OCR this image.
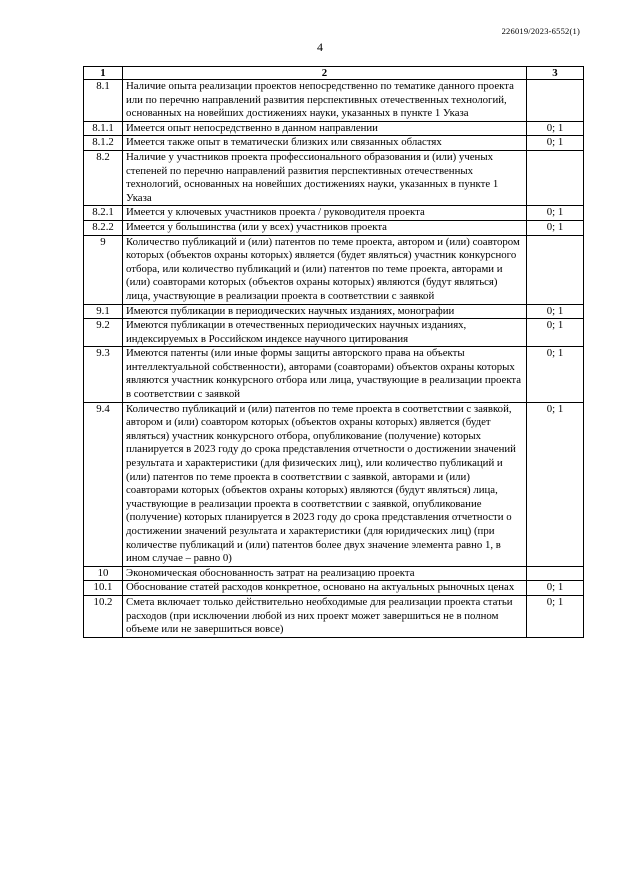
226019/2023-6552(1)
4
1	2	3
8.1	Наличие опыта реализации проектов непосредственно по тематике данного проекта или по перечню направлений развития перспективных отечественных технологий, основанных на новейших достижениях науки, указанных в пункте 1 Указа	
8.1.1	Имеется опыт непосредственно в данном направлении	0; 1
8.1.2	Имеется также опыт в тематически близких или связанных областях	0; 1
8.2	Наличие у участников проекта профессионального образования и (или) ученых степеней по перечню направлений развития перспективных отечественных технологий, основанных на новейших достижениях науки, указанных в пункте 1 Указа	
8.2.1	Имеется у ключевых участников проекта / руководителя проекта	0; 1
8.2.2	Имеется у большинства (или у всех) участников проекта	0; 1
9	Количество публикаций и (или) патентов по теме проекта, автором и (или) соавтором которых (объектов охраны которых) является (будет являться) участник конкурсного отбора, или количество публикаций и (или) патентов по теме проекта, авторами и (или) соавторами которых (объектов охраны которых) являются (будут являться) лица, участвующие в реализации проекта в соответствии с заявкой	
9.1	Имеются публикации в периодических научных изданиях, монографии	0; 1
9.2	Имеются публикации в отечественных периодических научных изданиях, индексируемых в Российском индексе научного цитирования	0; 1
9.3	Имеются патенты (или иные формы защиты авторского права на объекты интеллектуальной собственности), авторами (соавторами) объектов охраны которых являются участник конкурсного отбора или лица, участвующие в реализации проекта в соответствии с заявкой	0; 1
9.4	Количество публикаций и (или) патентов по теме проекта в соответствии с заявкой, автором и (или) соавтором которых (объектов охраны которых) является (будет являться) участник конкурсного отбора, опубликование (получение) которых планируется в 2023 году до срока представления отчетности о достижении значений результата и характеристики (для физических лиц), или количество публикаций и (или) патентов по теме проекта в соответствии с заявкой, авторами и (или) соавторами которых (объектов охраны которых) являются (будут являться) лица, участвующие в реализации проекта в соответствии с заявкой, опубликование (получение) которых планируется в 2023 году до срока представления отчетности о достижении значений результата и характеристики (для юридических лиц) (при количестве публикаций и (или) патентов более двух значение элемента равно 1, в ином случае – равно 0)	0; 1
10	Экономическая обоснованность затрат на реализацию проекта	
10.1	Обоснование статей расходов конкретное, основано на актуальных рыночных ценах	0; 1
10.2	Смета включает только действительно необходимые для реализации проекта статьи расходов (при исключении любой из них проект может завершиться не в полном объеме или не завершиться вовсе)	0; 1
